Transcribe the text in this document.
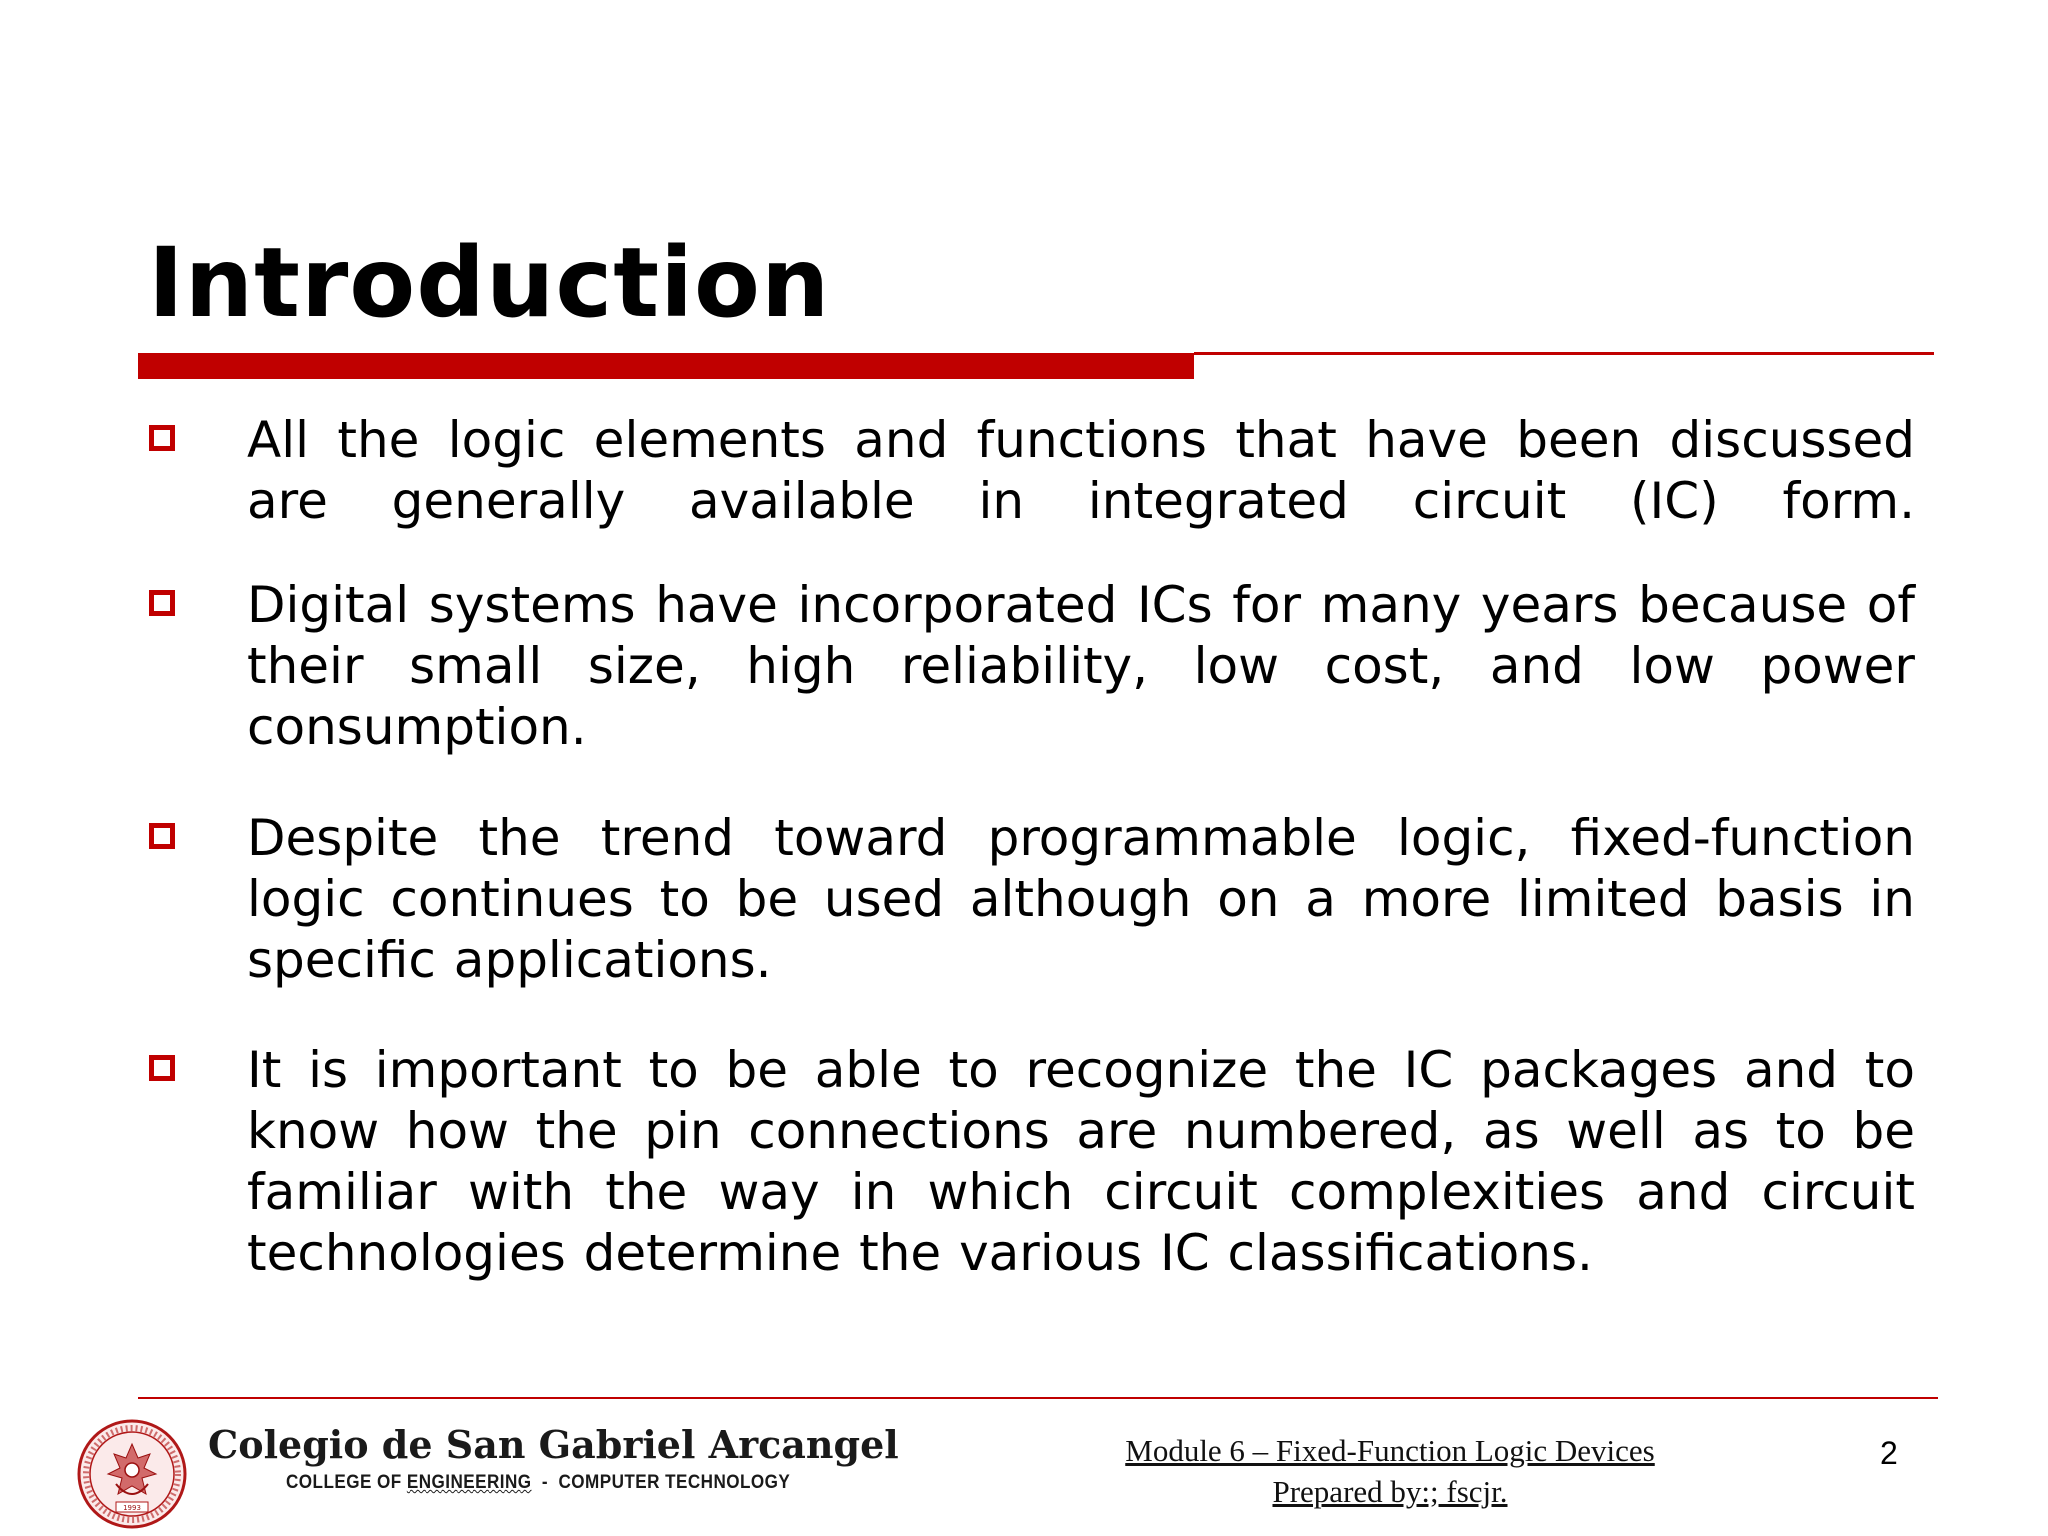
Introduction
All the logic elements and functions that have been discussed are generally available in integrated circuit (IC) form.
Digital systems have incorporated ICs for many years because of their small size, high reliability, low cost, and low power consumption.
Despite the trend toward programmable logic, fixed-function logic continues to be used although on a more limited basis in specific applications.
It is important to be able to recognize the IC packages and to know how the pin connections are numbered, as well as to be familiar with the way in which circuit complexities and circuit technologies determine the various IC classifications.
1993
Colegio de San Gabriel Arcangel
COLLEGE OF ENGINEERING  -  COMPUTER TECHNOLOGY
Module 6 – Fixed-Function Logic Devices
Prepared by:; fscjr.
2
